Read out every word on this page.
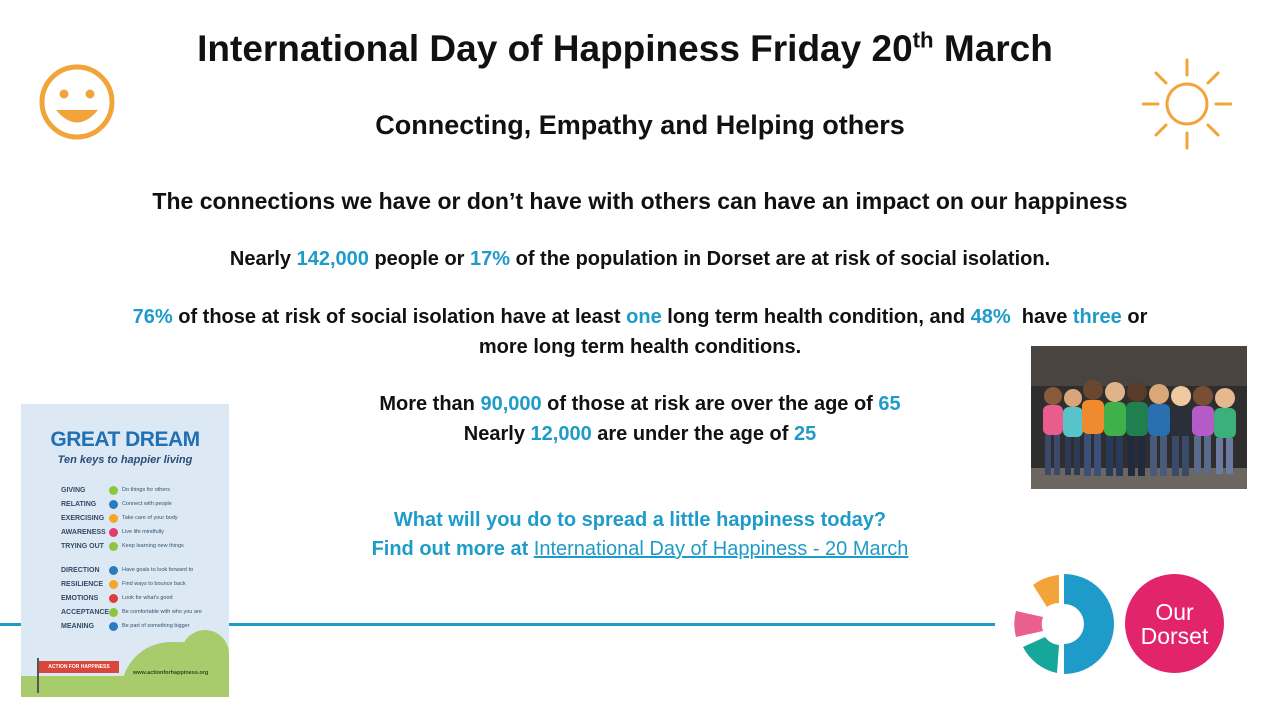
International Day of Happiness Friday 20th March
Connecting, Empathy and Helping others
The connections we have or don’t have with others can have an impact on our happiness
Nearly 142,000 people or 17% of the population in Dorset are at risk of social isolation.
76% of those at risk of social isolation have at least one long term health condition, and 48%  have three or
more long term health conditions.
More than 90,000 of those at risk are over the age of 65
Nearly 12,000 are under the age of 25
What will you do to spread a little happiness today?
Find out more at International Day of Happiness - 20 March
GREAT DREAM
Ten keys to happier living
GIVING	Do things for others
RELATING	Connect with people
EXERCISING	Take care of your body
AWARENESS	Live life mindfully
TRYING OUT	Keep learning new things
DIRECTION	Have goals to look forward to
RESILIENCE	Find ways to bounce back
EMOTIONS	Look for what's good
ACCEPTANCE Be comfortable with who you are
MEANING	Be part of something bigger
ACTION FOR HAPPINESS
www.actionforhappiness.org
Our
Dorset
